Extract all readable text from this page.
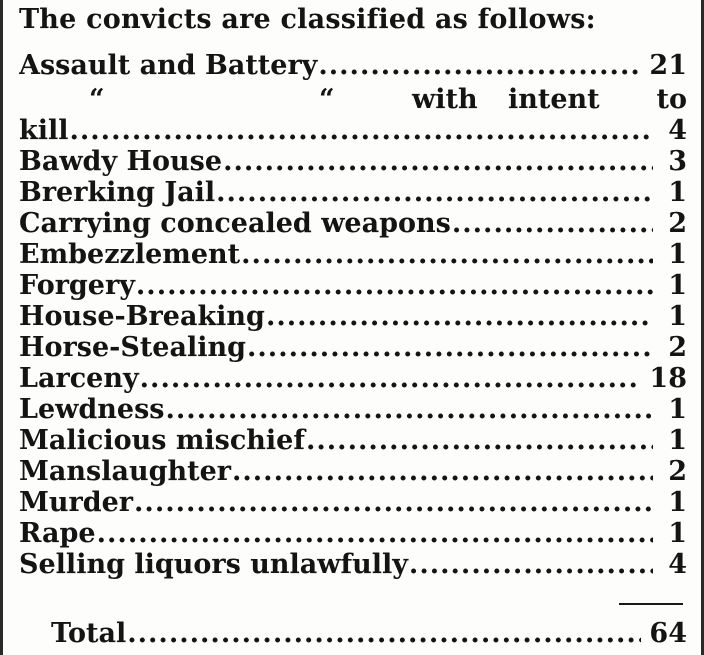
The convicts are classified as follows:
Assault and Battery .....	21
“	“	with intent to
kill .....	4
Bawdy House .....	3
Brerking Jail .....	1
Carrying concealed weapons .....	2
Embezzlement .....	1
Forgery .....	1
House-Breaking .....	1
Horse-Stealing .....	2
Larceny .....	18
Lewdness .....	1
Malicious mischief .....	1
Manslaughter .....	2
Murder .....	1
Rape .....	1
Selling liquors unlawfully .....	4
Total .....	64
